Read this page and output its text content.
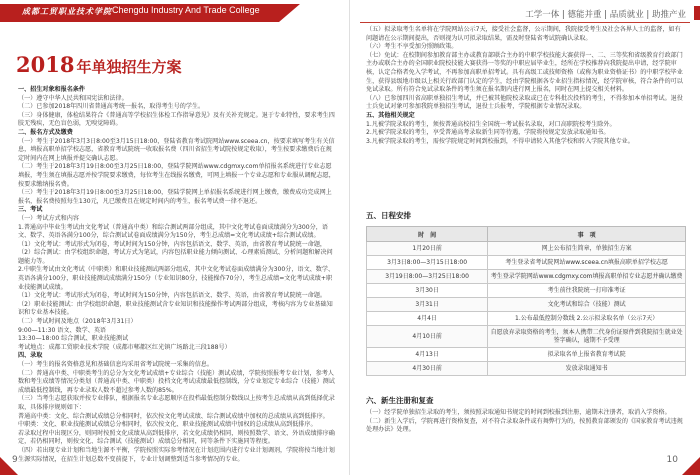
成都工贸职业技术学院 Chengdu Industry And Trade College
2018 年单独招生方案

一、招生对象和报名条件

（一）遵守中华人民共和国宪法和法律。

（二）已参加2018年四川省普通高考统一报名，取得考生号的学生。

（三）身体健康，体检结果符合《普通高等学校招生体检工作指导意见》及有关补充规定。退于专业特性，要求考生四肢无残疾，无色盲色弱，无嗅觉障碍。

二、报名方式及缴费

（一）考生于2018年3月3日8:00至3月15日18:00，登陆省教育考试院网站www.sceea.cn，按要求填写考生有关信息，填报高职单招学校志愿，省教育考试院统一收取报名费（四川省招生考试院按规定收取），考生按要求缴费后在规定时间内在网上填报并提交确认志愿。

（二）考生于2018年3月19日8:00至3月25日18:00，登陆学院网站www.cdgmxy.com单招报名系统进行专业志愿填报，考生须在填报志愿并按学院要求缴费，每位考生在线报名缴费，可网上填报一个专业志愿和专业服从调配志愿，按要求缴纳报名费。

（三）考生于2018年3月19日8:00至3月25日18:00，登陆学院网上单招报名系统进行网上缴费，缴费成功完成网上报名，报名费按照每生130元，凡已缴费且在规定时间内的考生，报名考试费一律不退还。

三、考试

（一）考试方式和内容

1.普通高中毕业生考试由文化考试（普通高中类）和综合测试两部分组成，其中文化考试卷面成绩满分为300分，语文、数学、英语各满分100分，综合测试试卷面成绩满分为150分，考生总成绩=文化考试成绩+综合测试成绩。

（1）文化考试：考试形式为闭卷，考试时间为150分钟，内容包括语文、数学、英语，由省教育考试院统一命题，

（2）综合测试：由学校组织命题，考试方式为笔试，内容包括职业能力倾向测试、心理素质测试、分析问题和解决问题能力等。

2.中职生考试由文化考试（中职类）和职业技能测试两部分组成，其中文化考试卷面成绩满分为300分，语文、数学、英语各满分100分，职业技能测试成绩满分150分（专业知识80分，技能操作70分），考生总成绩=文化考试成绩+职业技能测试成绩。

（1）文化考试：考试形式为闭卷，考试时间为150分钟，内容包括语文、数学、英语，由省教育考试院统一命题。

（2）职业技能测试：由学校组织命题，职业技能测试含专业知识和技能操作考试两部分组成，考核内容为专业基础知识和专业基本技能。

（二）考试时间及地点（2018年3月31日）

9:00—11:30 语文、数学、英语

13:30—18:00 综合测试、职业技能测试

考试地点：成都工贸职业技术学院（成都市郫都区红光镇广场路北三段188号）

四、录取

（一）考生的报名资格意见和基础信息均采用省考试院统一采集的信息。

（二）普通高中类、中职类考生的总分为文化考试成绩+专业综合（技能）测试成绩，学院按照报考专业计划，参考人数和考生成绩等情况分类划（普通高中类、中职类）投档文化考试成绩最低控制线，分专业划定专业综合（技能）测试成绩最低控制线，再专业录取人数不超过参考人数的85%。

（三）当考生志愿获取并按专业排队，根据报名专业志愿顺序在投档最低控制分数线以上按考生总成绩从高到低择优录取，具体排序规则如下：

普通高中类：文化、综合测试成绩总分相同时，依次按文化考试成绩、综合测试成绩中加权的总成绩从高到低排序。

中职类：文化、职业技能测试成绩总分相同时，依次按文化、职业技能测试成绩中加权的总成绩从高到低排序。

若录取过程中出现区分，则同时按照文化成绩从高到低排序，若文化成绩仍相同，则按照数学、语文、外语成绩排序确定，若仍相同时，则按文化、综合测试（技能测试）成绩总分相同，同等条件下实施同等程度。

（四）若出现专业计划和当地生源不平衡，学院按照实际参考情况在计划范围内进行专业计划调剂，学院将按当地计划生源实际情况，在招生计划总数不变前提下，专业计划调整到适当参考情况的专业。

9
工学一体 | 德能并重 | 品质就业 | 助推产业

（五）拟录取考生名单将在学院网站公示7天，接受社会监督，公示期间，我院接受考生及社会各界人士的监督，如有问题请在公示期间提出，否则视为认可拟录取结果，需及时登陆省考试院确认录取。

（六）考生不享受加分照顾政策。

（七）免试：在校期间参加教育部主办或教育部联合主办的中职学校技能大赛获得一、二、三等奖和省级教育行政部门主办或联合主办的全国职业院校技能大赛获得一等奖的中职应届毕业生，经所在学校推荐向我院提出申请，经学院审核，认定合格者免入学考试，不再参加高职单招考试。具有高级工或技师资格（或称为职业资格证书）的中职学校毕业生，获得县级地市级以上相关行政部门认定的学生，经由学院根据各专业招生指标情况，经学院审核，符合条件的可以免试录取。所有符合免试录取条件的考生须在报名期内进行网上报名，同时在网上提交相关材料。

（八）已参加四川省高职单独招生考试，并已被其他院校录取或已在专科批次投档的考生，不得参加本单招考试。退役士兵免试对象可参加我院单独招生考试，退役士兵报考，学院根据专业情况录取。

五、其他相关规定

1.凡被学院录取的考生，须按普通高校招生全国统一考试报名录取，对口高职院校考生除外。

2.凡被学院录取的考生，享受普通高考录取新生同等待遇，学院将按规定发放录取通知书。

3.凡被学院录取的考生，需按学院规定时间到校报到，不得申请转入其他学校和转入学院其他专业。

五、日程安排
时　间	事　项
1月20日前	网上公布招生简章，单独招生方案
3月3日8:00—3月15日18:00	考生登录省考试院网站www.sceea.cn填报高职单招学校志愿
3月19日8:00—3月25日18:00	考生登录学院网站www.cdgmxy.com填报高职单招专业志愿并确认缴费
3月30日	考生前往我院统一打印准考证
3月31日	文化考试和综合（技能）测试
4月4日	1.公布最低控制分数线 2.公示拟录取名单（公示7天）
4月10日前	自愿放弃录取资格的考生，须本人携带二代身份证原件到我院招生就业处签字确认，逾期不予受理
4月13日	拟录取名单上报省教育考试院
4月30日前	发放录取通知书
六、新生注册和复查

（一）经学院单独招生录取的考生，须按照录取通知书规定的时间到校报到注册，逾期未注册者，取消入学资格。

（二）新生入学后，学院再进行资格复查，对不符合录取条件或有舞弊行为的，按照教育部颁发的《国家教育考试违规处理办法》处理。

10
